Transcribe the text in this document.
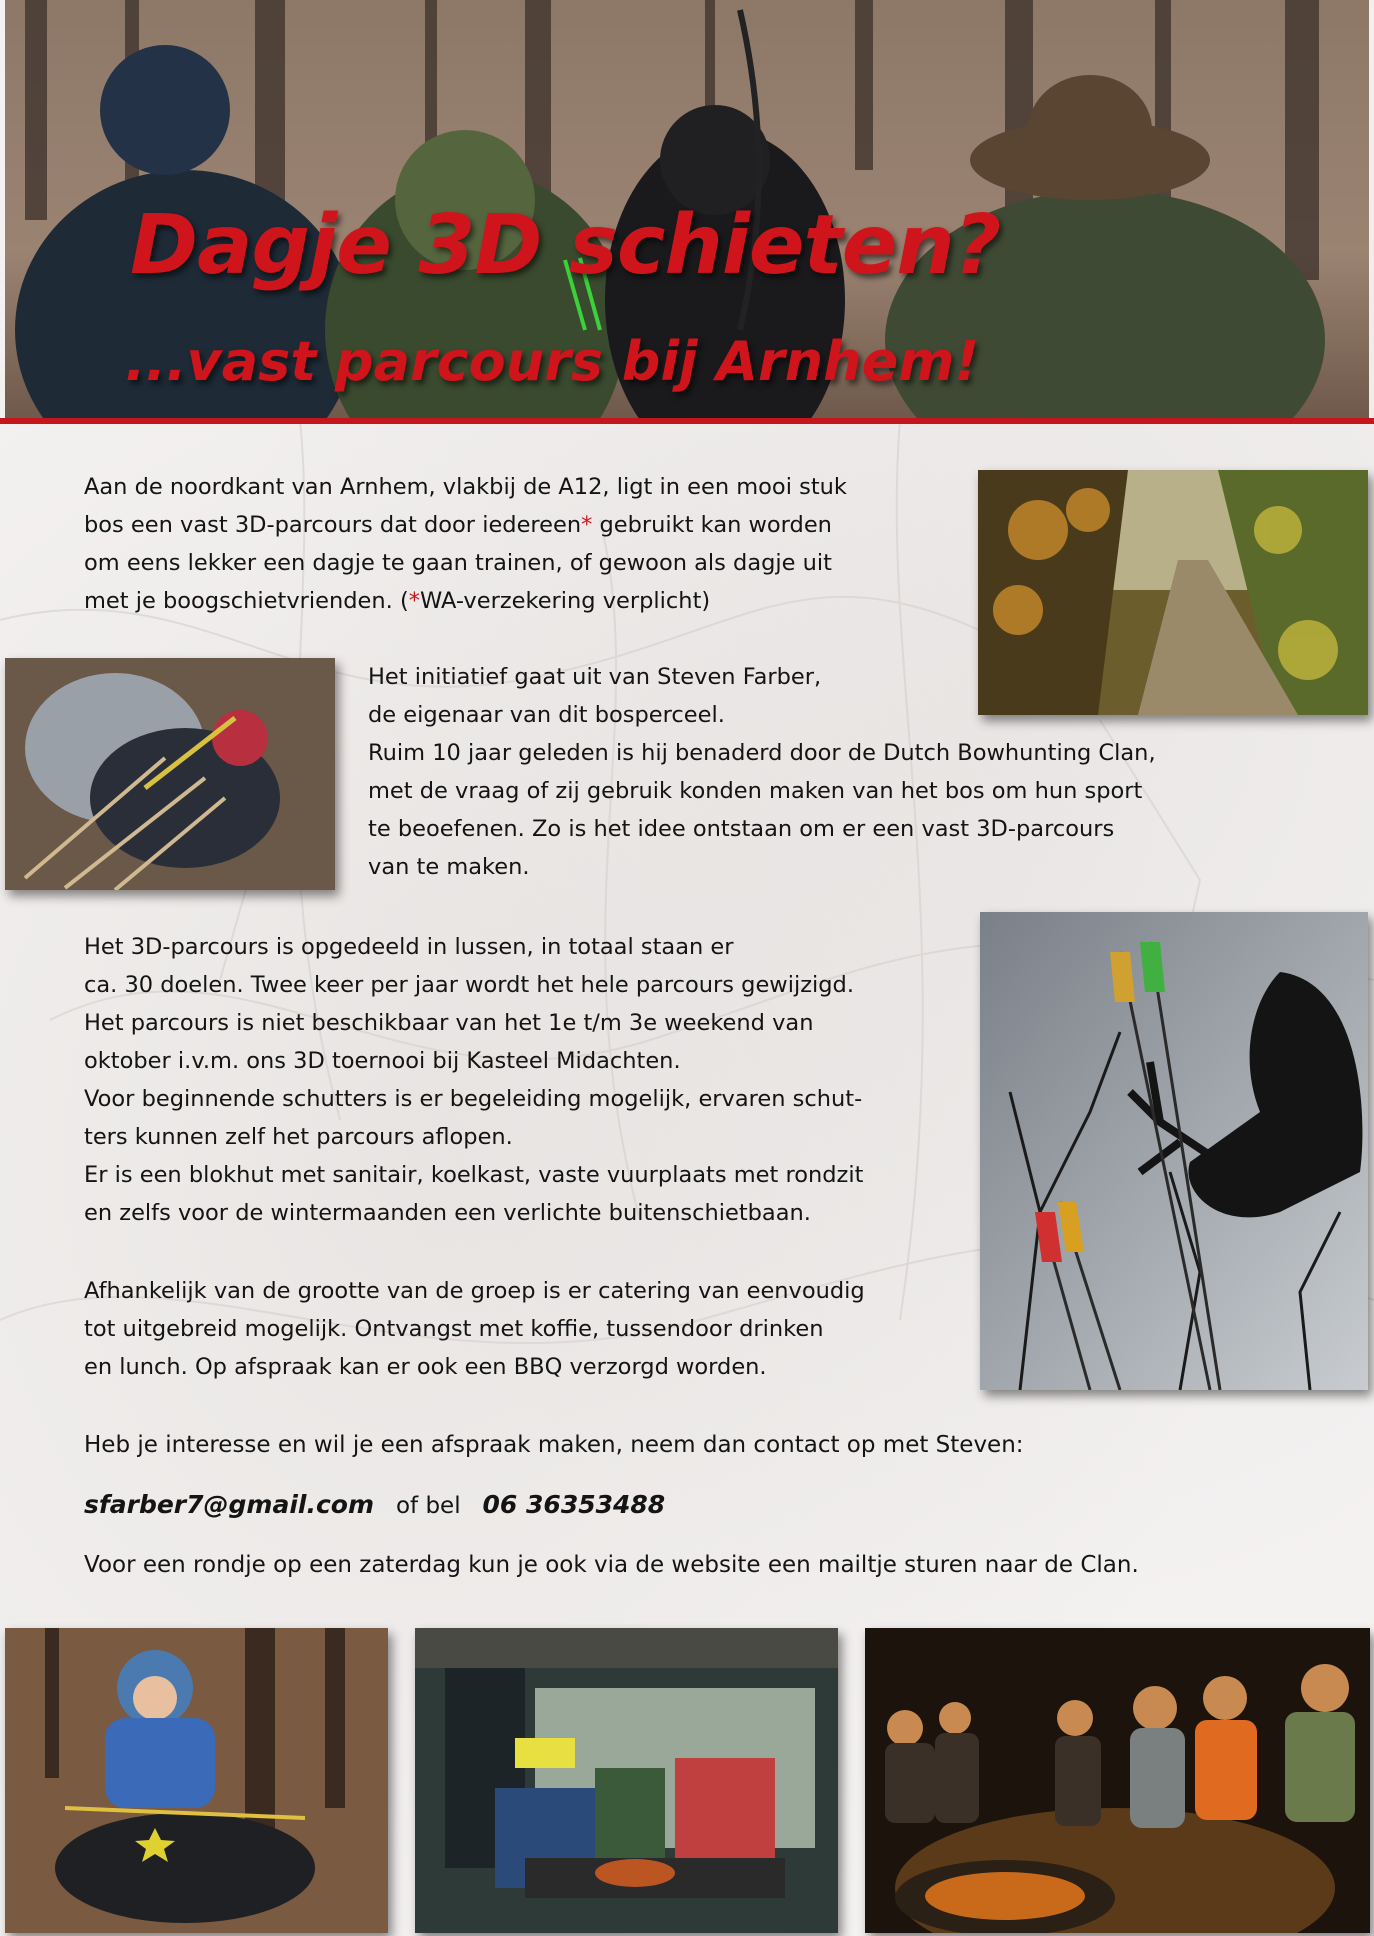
Dagje 3D schieten?
...vast parcours bij Arnhem!
Aan de noordkant van Arnhem, vlakbij de A12, ligt in een mooi stuk
bos een vast 3D-parcours dat door iedereen* gebruikt kan worden
om eens lekker een dagje te gaan trainen, of gewoon als dagje uit
met je boogschietvrienden. (*WA-verzekering verplicht)
Het initiatief gaat uit van Steven Farber,
de eigenaar van dit bosperceel.
Ruim 10 jaar geleden is hij benaderd door de Dutch Bowhunting Clan,
met de vraag of zij gebruik konden maken van het bos om hun sport
te beoefenen. Zo is het idee ontstaan om er een vast 3D-parcours
van te maken.
Het 3D-parcours is opgedeeld in lussen, in totaal staan er
ca. 30 doelen. Twee keer per jaar wordt het hele parcours gewijzigd.
Het parcours is niet beschikbaar van het 1e t/m 3e weekend van
oktober i.v.m. ons 3D toernooi bij Kasteel Midachten.
Voor beginnende schutters is er begeleiding mogelijk, ervaren schut-
ters kunnen zelf het parcours aflopen.
Er is een blokhut met sanitair, koelkast, vaste vuurplaats met rondzit
en zelfs voor de wintermaanden een verlichte buitenschietbaan.
Afhankelijk van de grootte van de groep is er catering van eenvoudig
tot uitgebreid mogelijk. Ontvangst met koffie, tussendoor drinken
en lunch. Op afspraak kan er ook een BBQ verzorgd worden.

Heb je interesse en wil je een afspraak maken, neem dan contact op met Steven:

sfarber7@gmail.com of bel 06 36353488

Voor een rondje op een zaterdag kun je ook via de website een mailtje sturen naar de Clan.
